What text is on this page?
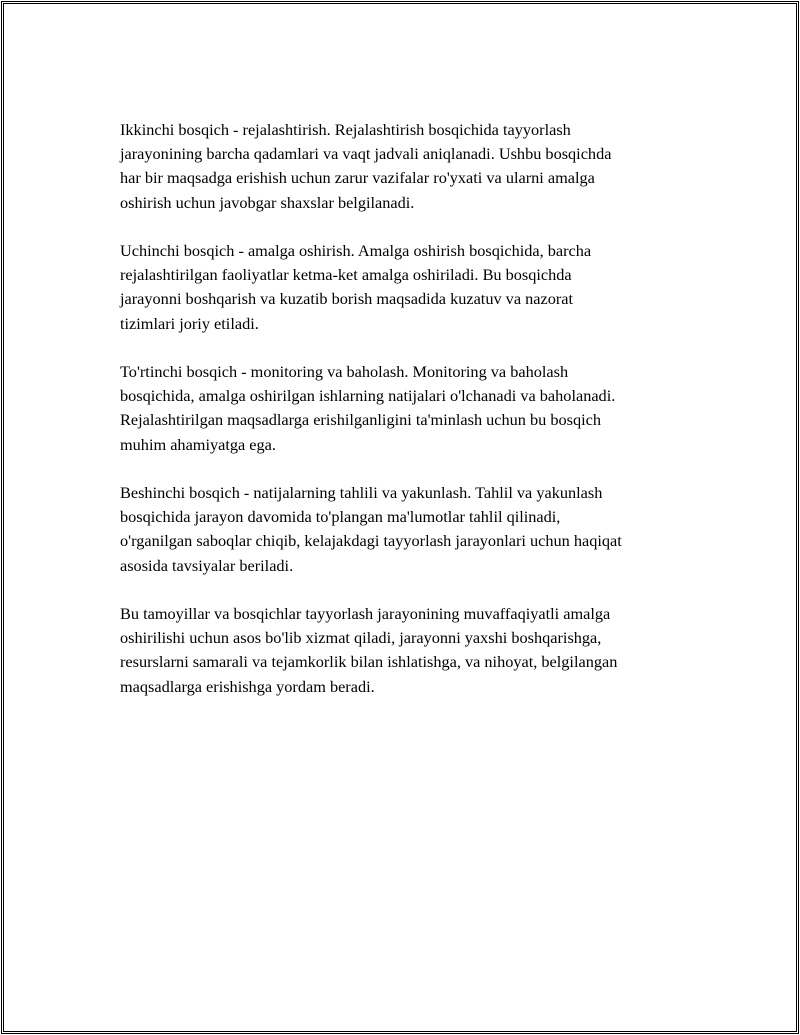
Ikkinchi bosqich - rejalashtirish. Rejalashtirish bosqichida tayyorlash
jarayonining barcha qadamlari va vaqt jadvali aniqlanadi. Ushbu bosqichda
har bir maqsadga erishish uchun zarur vazifalar ro'yxati va ularni amalga
oshirish uchun javobgar shaxslar belgilanadi.

Uchinchi bosqich - amalga oshirish. Amalga oshirish bosqichida, barcha
rejalashtirilgan faoliyatlar ketma-ket amalga oshiriladi. Bu bosqichda
jarayonni boshqarish va kuzatib borish maqsadida kuzatuv va nazorat
tizimlari joriy etiladi.

To'rtinchi bosqich - monitoring va baholash. Monitoring va baholash
bosqichida, amalga oshirilgan ishlarning natijalari o'lchanadi va baholanadi.
Rejalashtirilgan maqsadlarga erishilganligini ta'minlash uchun bu bosqich
muhim ahamiyatga ega.

Beshinchi bosqich - natijalarning tahlili va yakunlash. Tahlil va yakunlash
bosqichida jarayon davomida to'plangan ma'lumotlar tahlil qilinadi,
o'rganilgan saboqlar chiqib, kelajakdagi tayyorlash jarayonlari uchun haqiqat
asosida tavsiyalar beriladi.

Bu tamoyillar va bosqichlar tayyorlash jarayonining muvaffaqiyatli amalga
oshirilishi uchun asos bo'lib xizmat qiladi, jarayonni yaxshi boshqarishga,
resurslarni samarali va tejamkorlik bilan ishlatishga, va nihoyat, belgilangan
maqsadlarga erishishga yordam beradi.
